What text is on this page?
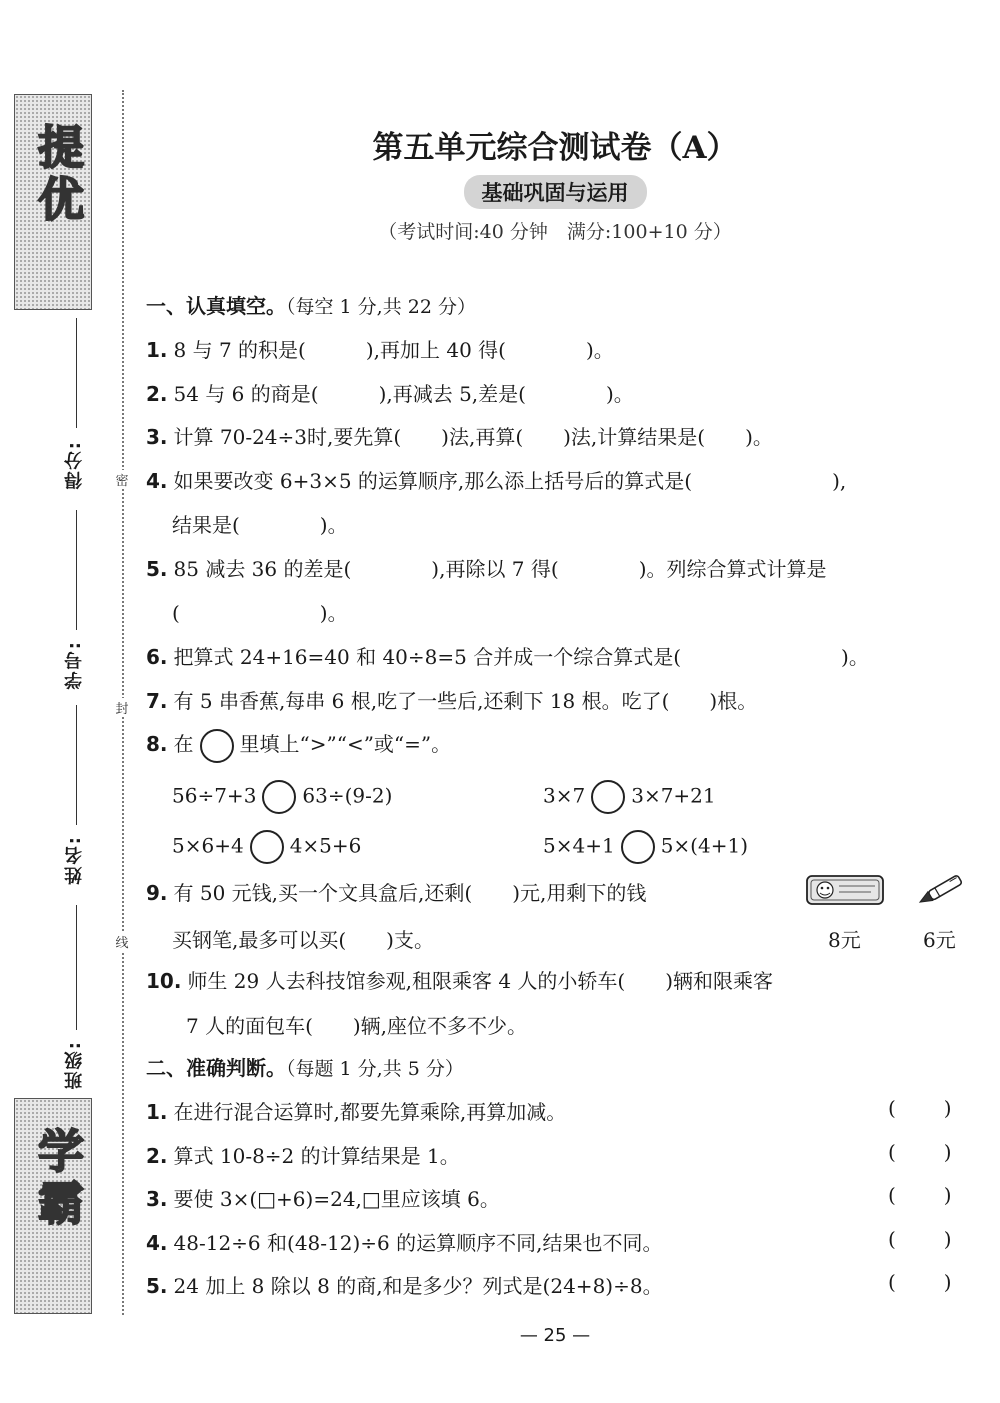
提优
学霸
得分:
学号:
姓名:
班级:
密
封
线
第五单元综合测试卷（A）
基础巩固与运用
（考试时间:40 分钟　满分:100+10 分）
一、认真填空。（每空 1 分,共 22 分）
1. 8 与 7 的积是(　　　),再加上 40 得(　　　　)。
2. 54 与 6 的商是(　　　),再减去 5,差是(　　　　)。
3. 计算 70-24÷3时,要先算(　　)法,再算(　　)法,计算结果是(　　)。
4. 如果要改变 6+3×5 的运算顺序,那么添上括号后的算式是(　　　　　　　),
结果是(　　　　)。
5. 85 减去 36 的差是(　　　　),再除以 7 得(　　　　)。列综合算式计算是
(　　　　　　　)。
6. 把算式 24+16=40 和 40÷8=5 合并成一个综合算式是(　　　　　　　　)。
7. 有 5 串香蕉,每串 6 根,吃了一些后,还剩下 18 根。吃了(　　)根。
8. 在 里填上“>”“<”或“=”。
56÷7+3 63÷(9-2)	3×7 3×7+21
5×6+4 4×5+6	5×4+1 5×(4+1)
9. 有 50 元钱,买一个文具盒后,还剩(　　)元,用剩下的钱
买钢笔,最多可以买(　　)支。	8元	6元
10. 师生 29 人去科技馆参观,租限乘客 4 人的小轿车(　　)辆和限乘客
7 人的面包车(　　)辆,座位不多不少。
二、准确判断。（每题 1 分,共 5 分）
1. 在进行混合运算时,都要先算乘除,再算加减。	()
2. 算式 10-8÷2 的计算结果是 1。	()
3. 要使 3×(□+6)=24,□里应该填 6。	()
4. 48-12÷6 和(48-12)÷6 的运算顺序不同,结果也不同。	()
5. 24 加上 8 除以 8 的商,和是多少？列式是(24+8)÷8。	()
— 25 —
